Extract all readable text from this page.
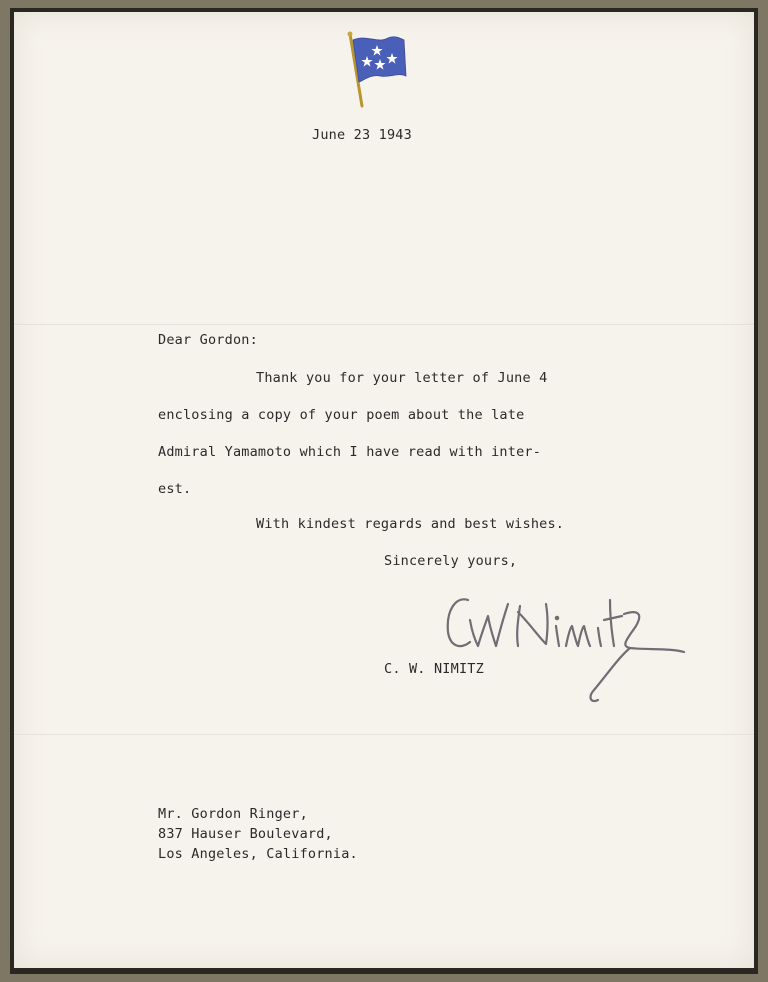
June 23 1943
Dear Gordon:
Thank you for your letter of June 4
enclosing a copy of your poem about the late
Admiral Yamamoto which I have read with inter-
est.
With kindest regards and best wishes.
Sincerely yours,
C. W. NIMITZ
Mr. Gordon Ringer,
837 Hauser Boulevard,
Los Angeles, California.
